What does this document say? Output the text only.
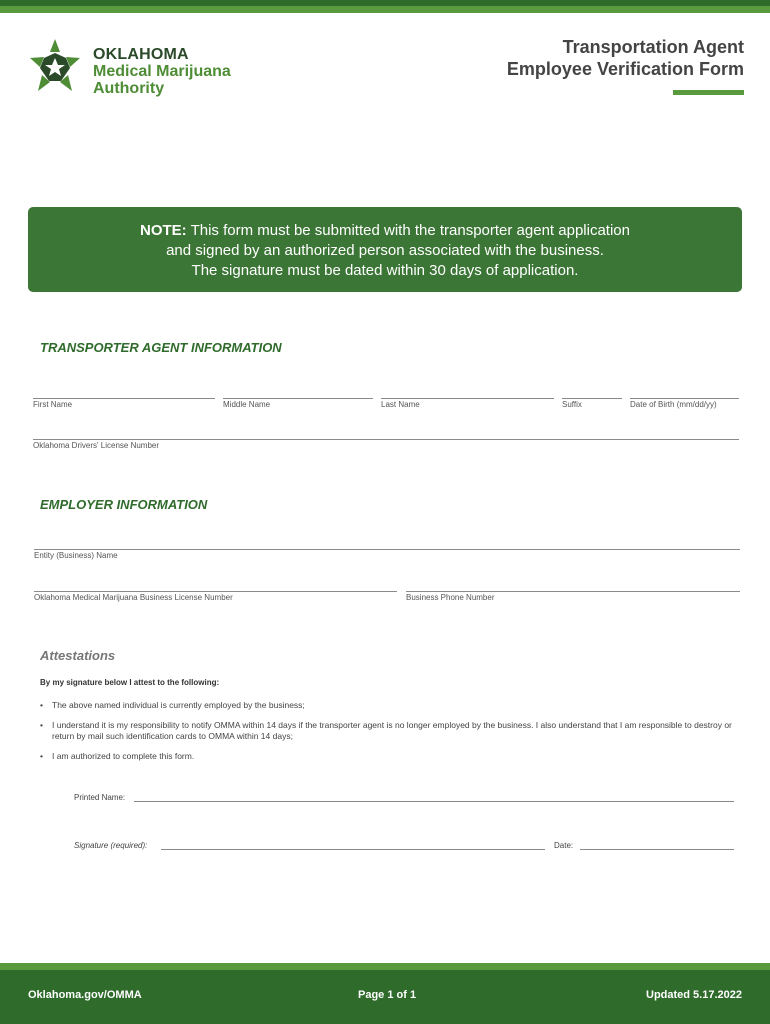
OKLAHOMA
Medical Marijuana
Authority
Transportation Agent
Employee Verification Form

NOTE: This form must be submitted with the transporter agent application

and signed by an authorized person associated with the business.

The signature must be dated within 30 days of application.

TRANSPORTER AGENT INFORMATION
First Name	Middle Name	Last Name	Suffix	Date of Birth (mm/dd/yy)
Oklahoma Drivers' License Number
EMPLOYER INFORMATION
Entity (Business) Name
Oklahoma Medical Marijuana Business License Number	Business Phone Number
Attestations
By my signature below I attest to the following:
• The above named individual is currently employed by the business;
• I understand it is my responsibility to notify OMMA within 14 days if the transporter agent is no longer employed by the business. I also understand that I am responsible to destroy or return by mail such identification cards to OMMA within 14 days;
• I am authorized to complete this form.
Printed Name:
Signature (required):	Date:
Oklahoma.gov/OMMA	Page 1 of 1	Updated 5.17.2022
